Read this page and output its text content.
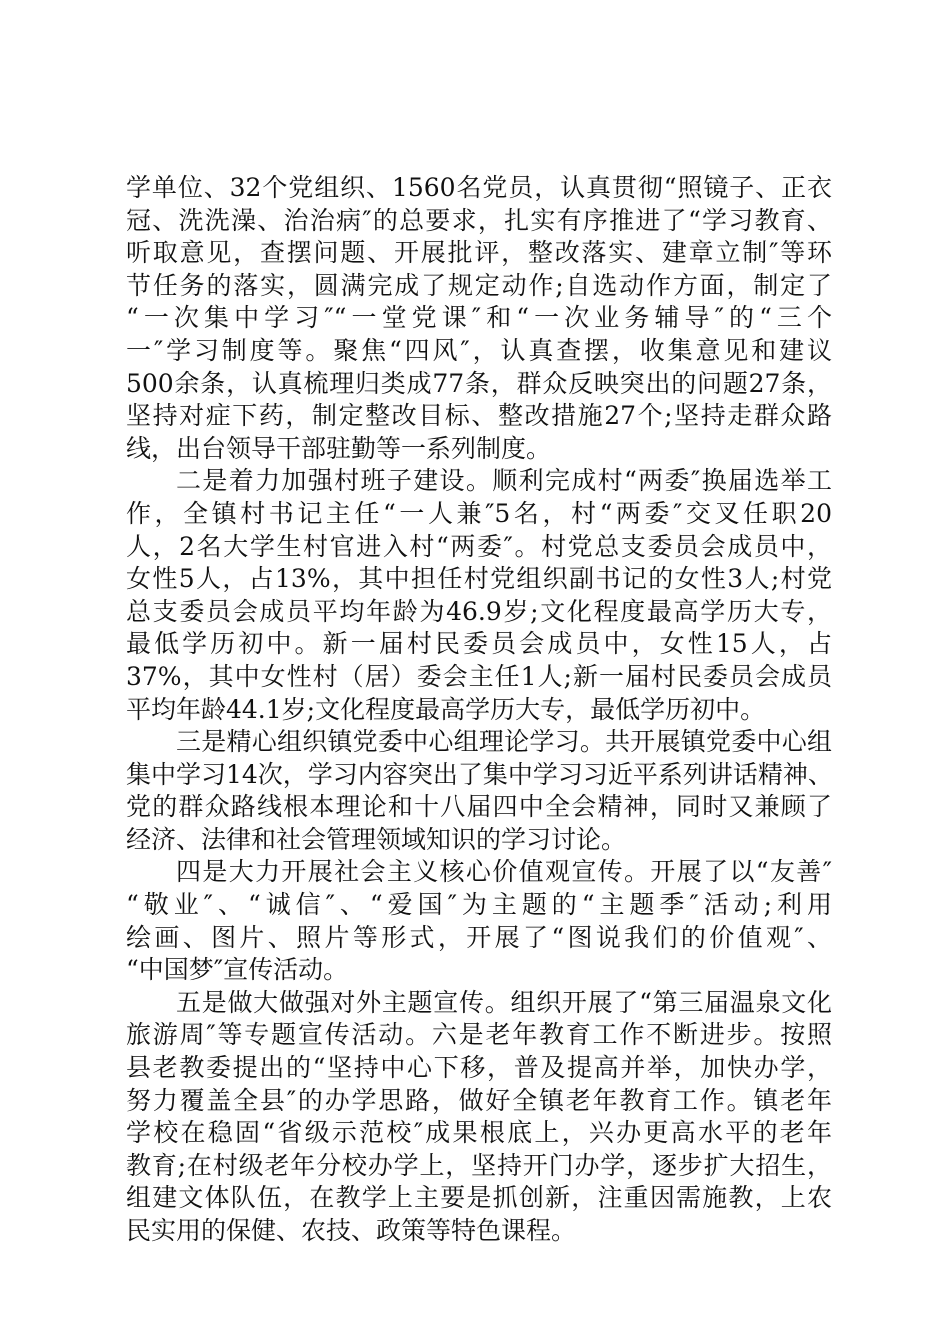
学单位、32个党组织、1560名党员，认真贯彻“照镜子、正衣
冠、洗洗澡、治治病″的总要求，扎实有序推进了“学习教育、
听取意见，查摆问题、开展批评，整改落实、建章立制″等环
节任务的落实，圆满完成了规定动作;自选动作方面，制定了
“一次集中学习″“一堂党课″和“一次业务辅导″的“三个
一″学习制度等。聚焦“四风″，认真查摆，收集意见和建议
500余条，认真梳理归类成77条，群众反映突出的问题27条，
坚持对症下药，制定整改目标、整改措施27个;坚持走群众路
线，出台领导干部驻勤等一系列制度。
二是着力加强村班子建设。顺利完成村“两委″换届选举工
作，全镇村书记主任“一人兼″5名，村“两委″交叉任职20
人，2名大学生村官进入村“两委″。村党总支委员会成员中，
女性5人，占13%，其中担任村党组织副书记的女性3人;村党
总支委员会成员平均年龄为46.9岁;文化程度最高学历大专，
最低学历初中。新一届村民委员会成员中，女性15人，占
37%，其中女性村（居）委会主任1人;新一届村民委员会成员
平均年龄44.1岁;文化程度最高学历大专，最低学历初中。
三是精心组织镇党委中心组理论学习。共开展镇党委中心组
集中学习14次，学习内容突出了集中学习习近平系列讲话精神、
党的群众路线根本理论和十八届四中全会精神，同时又兼顾了
经济、法律和社会管理领域知识的学习讨论。
四是大力开展社会主义核心价值观宣传。开展了以“友善″
“敬业″、“诚信″、“爱国″为主题的“主题季″活动;利用
绘画、图片、照片等形式，开展了“图说我们的价值观″、
“中国梦″宣传活动。
五是做大做强对外主题宣传。组织开展了“第三届温泉文化
旅游周″等专题宣传活动。六是老年教育工作不断进步。按照
县老教委提出的“坚持中心下移，普及提高并举，加快办学，
努力覆盖全县″的办学思路，做好全镇老年教育工作。镇老年
学校在稳固“省级示范校″成果根底上，兴办更高水平的老年
教育;在村级老年分校办学上，坚持开门办学，逐步扩大招生，
组建文体队伍，在教学上主要是抓创新，注重因需施教，上农
民实用的保健、农技、政策等特色课程。
